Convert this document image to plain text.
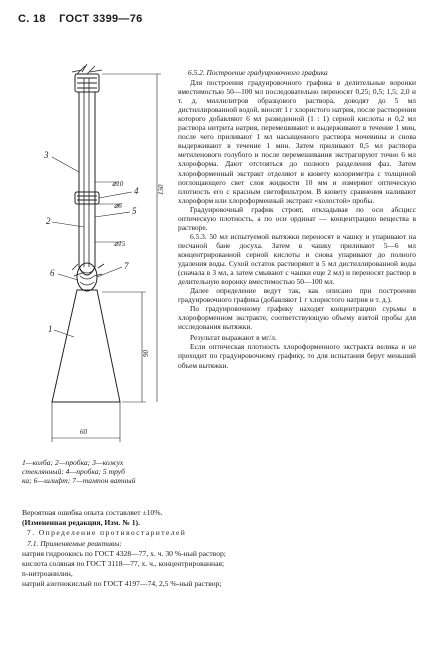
С. 18 ГОСТ 3399—76
3
4
2
5
7
1
6
⌀10
⌀6
⌀15
90
150
60
1—колба; 2—пробка; 3—кожух
стеклянный; 4—пробка; 5 труб
ка; 6—шлифт; 7—тампон ватный

6.5.2. Построение градуировочного графика

Для построения градуировочного графика в делительные воронки вместимостью 50—100 мл последовательно переносят 0,25; 0,5; 1,5; 2,0 и т. д. миллилитров образцового раствора, доводят до 5 мл дистиллированной водой, вносят 1 г хлористого натрия, после растворения которого добавляют 6 мл разведенной (1 : 1) серной кислоты и 0,2 мл раствора нитрита натрия, перемешивают и выдерживают в течение 1 мин, после чего приливают 1 мл насыщенного раствора мочевины и снова выдерживают в течение 1 мин. Затем приливают 0,5 мл раствора метиленового голубого и после перемешивания экстрагируют точно 6 мл хлороформа. Дают отстояться до полного разделения фаз. Затем хлороформенный экстракт отделяют в кювету колориметра с толщиной поглощающего свет слоя жидкости 10 мм и измеряют оптическую плотность его с красным светофильтром. В кювету сравнения наливают хлороформ или хлороформенный экстракт «холостой» пробы.

Градуировочный график строят, откладывая по оси абсцисс оптическую плотность, а по оси ординат — концентрацию вещества в растворе.

6.5.3. 50 мл испытуемой вытяжки переносят в чашку и упаривают на песчаной бане досуха. Затем в чашку приливают 5—6 мл концентрированной серной кислоты и снова упаривают до полного удаления воды. Сухой остаток растворяют в 5 мл дистиллированной воды (сначала в 3 мл, а затем смывают с чашки еще 2 мл) и переносят раствор в делительную воронку вместимостью 50—100 мл.

Далее определение ведут так, как описано при построении градуировочного графика (добавляют 1 г хлористого натрия и т. д.).

По градуировочному графику находят концентрацию сурьмы в хлороформенном экстракте, соответствующую объему взятой пробы для исследования вытяжки.

Результат выражают в мг/л.

Если оптическая плотность хлороформенного экстракта велика и не проходит по градуировочному графику, то для испытания берут меньший объем вытяжки.

Вероятная ошибка опыта составляет ±10%.
(Измененная редакция, Изм. № 1).
7. Определение противостарителей
7.1. Применяемые реактивы:
натрия гидроокись по ГОСТ 4328—77, х. ч. 30 %-ный раствор;
кислота соляная по ГОСТ 3118—77, х. ч., концентрированная;
n-нитроанилин,
натрий азотнокислый по ГОСТ 4197—74, 2,5 %-ный раствор;
